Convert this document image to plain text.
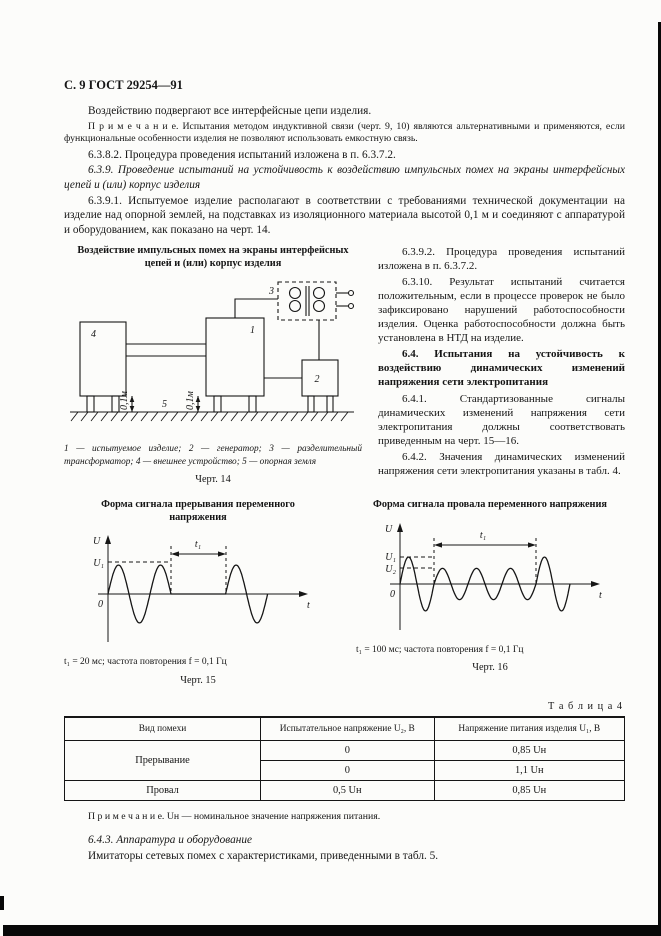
С. 9 ГОСТ 29254—91

Воздействию подвергают все интерфейсные цепи изделия.

П р и м е ч а н и е. Испытания методом индуктивной связи (черт. 9, 10) являются альтернативными и применяются, если функциональные особенности изделия не позволяют использовать емкостную связь.

6.3.8.2. Процедура проведения испытаний изложена в п. 6.3.7.2.

6.3.9. Проведение испытаний на устойчивость к воздействию импульсных помех на экраны интерфейсных цепей и (или) корпус изделия

6.3.9.1. Испытуемое изделие располагают в соответствии с требованиями технической документации на изделие над опорной землей, на подставках из изоляционного материала высотой 0,1 м и соединяют с аппаратурой и оборудованием, как показано на черт. 14.

Воздействие импульсных помех на экраны интерфейсных цепей и (или) корпус изделия
4	1
2
3
5
0,1м	0,1м
1 — испытуемое изделие; 2 — генератор; 3 — разделительный трансформатор; 4 — внешнее устройство; 5 — опорная земля
Черт. 14

6.3.9.2. Процедура проведения испытаний изложена в п. 6.3.7.2.

6.3.10. Результат испытаний считается положительным, если в процессе проверок не было зафиксировано нарушений работоспособности изделия. Оценка работоспособности должна быть установлена в НТД на изделие.

6.4. Испытания на устойчивость к воздействию динамических изменений напряжения сети электропитания

6.4.1. Стандартизованные сигналы динамических изменений напряжения сети электропитания должны соответствовать приведенным на черт. 15—16.

6.4.2. Значения динамических изменений напряжения сети электропитания указаны в табл. 4.

Форма сигнала прерывания переменного напряжения
U
U₁
0	t
t₁
t₁ = 20 мс; частота повторения f = 0,1 Гц
Черт. 15
Форма сигнала провала переменного напряжения
U
U₁
U₂
0	t
t₁
t₁ = 100 мс; частота повторения f = 0,1 Гц
Черт. 16
Т а б л и ц а 4
Вид помехи	Испытательное напряжение U₂, В	Напряжение питания изделия U₁, В
Прерывание	0	0,85 Uн
	0	1,1 Uн
Провал	0,5 Uн	0,85 Uн

П р и м е ч а н и е. Uн — номинальное значение напряжения питания.

6.4.3. Аппаратура и оборудование

Имитаторы сетевых помех с характеристиками, приведенными в табл. 5.
